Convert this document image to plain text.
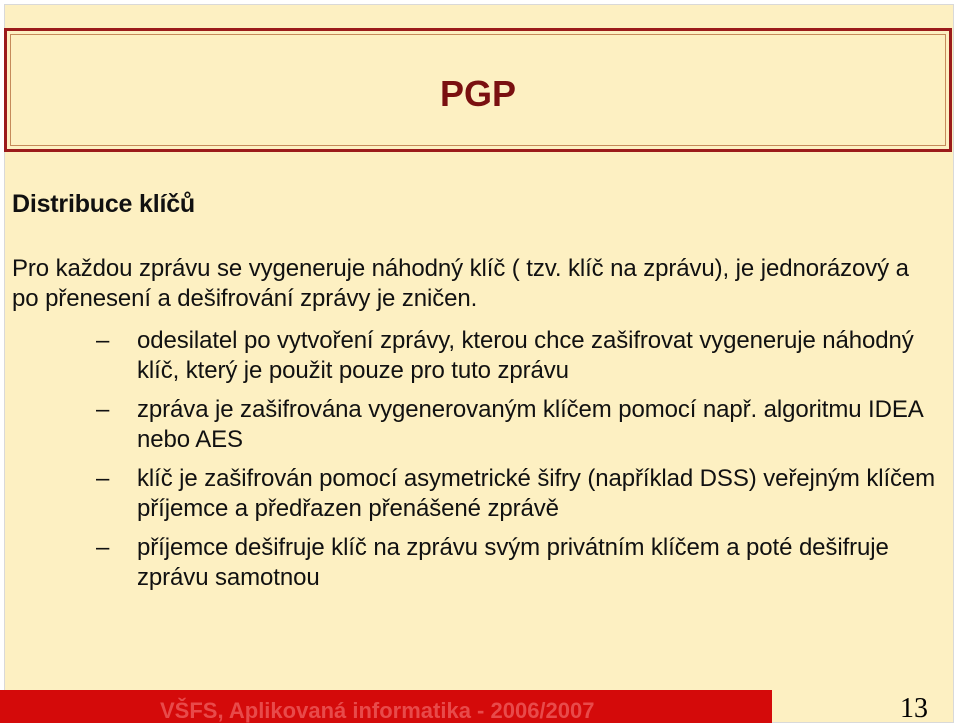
PGP
Distribuce klíčů
Pro každou zprávu se vygeneruje náhodný klíč ( tzv. klíč na zprávu), je jednorázový a po přenesení a dešifrování zprávy je zničen.
– odesilatel po vytvoření zprávy, kterou chce zašifrovat vygeneruje náhodný klíč, který je použit pouze pro tuto zprávu
– zpráva je zašifrována vygenerovaným klíčem pomocí např. algoritmu IDEA nebo AES
– klíč je zašifrován pomocí asymetrické šifry (například DSS) veřejným klíčem příjemce a předřazen přenášené zprávě
– příjemce dešifruje klíč na zprávu svým privátním klíčem a poté dešifruje zprávu samotnou
VŠFS, Aplikovaná informatika - 2006/2007	13
